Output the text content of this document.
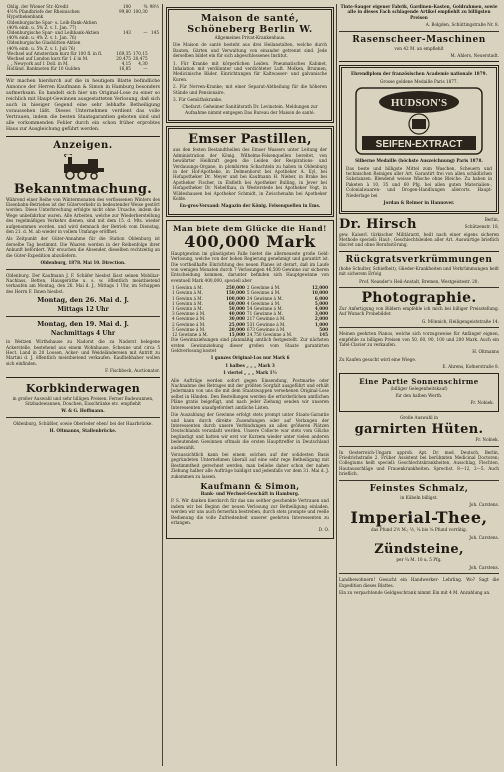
Oblig. der Wiener Str.-Kredit	100	%	98½
4½% Pfandbriefe der Rheinischen Hypothekenbank	99,80	100,30	
Oldenburgische Spar- u. Leih-Bank-Aktien			
(40% einb. u. 5% Z. v. 1. Jan. 77)			
Oldenburgische Spar- und Leihbank-Aktien	143	—	145
(40% einb. u. 4% Z. v. 1. Jan. 76)			
Oldenburgische Glashütten-Aktien			
(40% einb. u. 5% Z. v. 1. Juli 76)			
Wechsel auf Amsterdam kurz für 100 fl. in fl.	169,35	170,15	
Wechsel auf London kurz für 1 £ in M.	20,475	20,475	
„ „ Newyork auf 1 Doll. in M.	4,15	4,30	
Holländ. Banknoten für 10 Gulden	16,85	—	

Wir machen hierdurch auf die in heutigem Blatte befindliche Annonce der Herren Kaufmann & Simon in Hamburg besonders aufmerksam. Es handelt sich hier um Original-Lose zu einer so reichlich mit Haupt-Gewinnen ausgestatteten Verlosung, daß sich auch in hiesiger Gegend eine sehr lebhafte Betheiligung voraussehen läßt. Dieses Unternehmen verdient das volle Vertrauen, indem die besten Staatsgarantien geboten sind und alle vorkommenden Fehler durch ein schon früher erprobtes Haus zur Ausgleichung geführt werden.

Anzeigen.
Bekanntmachung.

Während einer Reihe von Wintermonaten des verflossenen Winters des Eisenbahn-Betriebes ist der Güterverkehr in bedeutender Weise gestört worden. Diese Unterbrechung erfolgte nicht ohne Ursache, indem die Wege unbefahrbar waren. Alle Arbeiten, welche zur Wiederherstellung des regelmäßigen Verkehrs dienen, sind mit dem 15. d. Mts. wieder aufgenommen worden, und wird demnach der Betrieb vom Dienstag, den 21. d. M. ab wieder in vollem Umfange eröffnet.

Als Zeitpunkt der Güter-Annahme für die Station Oldenburg ist derselbe Tag bestimmt. Die Waaren werden in der Reihenfolge ihrer Ankunft befördert. Wir ersuchen die Absender, dieselben rechtzeitig an die Güter-Expedition abzuliefern.

Oldenburg, 1878. Mai 10. Direction.

Oldenburg. Der Kaufmann J. F. Schäfer hiesbst lässt seinen Mobiliar-Nachlass, Betten, Hausgeräthe u. s. w. öffentlich meistbietend verkaufen am Montag, den 26. Mai d. J., Mittags 1 Uhr, im Schuppen des Herrn F. Ihnen hiesbst.

Montag, den 26. Mai d. J.

Mittags 12 Uhr

Montag, den 19. Mai d. J.

Nachmittags 4 Uhr

in Weitzen Wirthshause zu Nadorst die zu Nadorst belegene Ackerstelle, bestehend aus einem Wohnhause, Scheune und circa 5 Hect. Land in 20 Loosen, Acker- und Weideländereien mit Antritt zu Martini d. J. öffentlich meistbietend verkaufen. Kaufliebhaber wollen sich einfinden.

F. Fischbeck, Auctionator.

Korbkinderwagen

in großer Auswahl und sehr billigen Preisen. Ferner Badewannen, Sitzbadewannen, Douchen, Eisschränke etc. empfiehlt

W. & G. Hoffmann.

Oldenburg, Schüßler, sowie Oberleder eben! bei der Haarbrücke.

H. Oltmanns, Stallenbrücke.

Maison de santé,
Schöneberg Berlin W.

Allgemeines Privat-Krankenhaus.

Die Maison de santé besteht aus drei Heilanstalten, welche durch Bauten, Gärten und Verwaltung von einander getrennt sind. Jede derselben bildet ein für sich abgeschlossenes Institut.

1. Für Kranke mit körperlichen Leiden. Pneumatisches Kabinet, Inhalation mit verdünnter und verdichteter Luft. Molken, Brunnen, Medicinische Bäder. Einrichtungen für Kaltwasser- und galvanische Kuren.

2. Für Nerven-Kranke; mit einer Separat-Abtheilung für die höheren Stände und Pensionaire.

3. Für Gemüthskranke.

Chefarzt: Geheimer Sanitätsrath Dr. Levinstein. Meldungen zur Aufnahme nimmt entgegen Das Bureau der Maison de santé.

Emser Pastillen,

aus den festen Bestandtheilen des Emser Wassers unter Leitung der Administration der König. Wilhelms-Felsenquellen bereitet, von bewährter Heilkraft gegen die Leiden der Respirations- und Verdauungs-Organe, in plombirten Schachteln zu haben in Oldenburg in der Hof-Apotheke, in Delmenhorst bei Apotheker A. Eyl, bei Hofapotheker Dr. Meyer und bei Kaufmann H. Nieber, in Brake bei Apotheker Fischer, in Elsfleth bei Apotheker Bulling, in Jever bei Hofapotheker Dr. Nebelthau, in Westerstede bei Apotheker Vogt, in Wildeshausen bei Apotheker Schmidt, in Zwischenahn bei Apotheker Kolde.

En-gros-Versand: Magazin der König. Felsenquellen in Ems.

Man biete dem Glücke die Hand!
400,000 Mark

Hauptgewinn im günstigsten Falle bietet die allerneueste große Geld-Verlosung, welche von der hohen Regierung genehmigt und garantirt ist. Die vortheilhafte Einrichtung des neuen Planes ist derart, daß im Laufe von wenigen Monaten durch 7 Verlosungen 46,500 Gewinne zur sicheren Entscheidung kommen, darunter befinden sich Hauptgewinne von eventuell Mark 400,000, speciell aber

1 Gewinn á M.	250,000	2 Gewinne á M.	12,000
1 Gewinn á M.	150,000	5 Gewinne á M.	10,000
1 Gewinn á M.	100,000	24 Gewinne á M.	6,000
1 Gewinn á M.	60,000	4 Gewinne á M.	5,000
1 Gewinn á M.	50,000	54 Gewinne á M.	4,000
3 Gewinne á M.	40,000	71 Gewinne á M.	3,000
4 Gewinne á M.	30,000	217 Gewinne á M.	2,000
2 Gewinne á M.	25,000	531 Gewinne á M.	1,000
5 Gewinne á M.	20,000	673 Gewinne á M.	500
12 Gewinne á M.	15,000	24,750 Gewinne á M.	145

Die Gewinnziehungen sind planmäßig amtlich festgestellt. Zur nächsten ersten Gewinnziehung dieser großen vom Staate garantirten Geldverlosung kostet

1 ganzes Original-Los nur Mark 6

1 halbes „ „ „ Mark 3

1 viertel „ „ „ Mark 1½

Alle Aufträge werden sofort gegen Einsendung, Postmarke oder Nachnahme des Betrages mit der größten Sorgfalt ausgeführt und erhält Jedermann von uns die mit dem Staatswappen versehenen Original-Lose selbst in Händen. Den Bestellungen werden die erforderlichen amtlichen Pläne gratis beigefügt, und nach jeder Ziehung senden wir unseren Interessenten unaufgefordert amtliche Listen.

Die Auszahlung der Gewinne erfolgt stets prompt unter Staats-Garantie und kann durch direkte Zusendungen oder auf Verlangen der Interessenten durch unsere Verbindungen an allen größeren Plätzen Deutschlands veranlaßt werden. Unsere Collecte war stets vom Glücke begünstigt und hatten wir erst vor Kurzem wieder unter vielen anderen bedeutenden Gewinnen oftmals die ersten Haupttreffer in Deutschland ausbezahlt.

Voraussichtlich kann bei einem solchen auf der solidesten Basis gegründeten Unternehmen überall auf eine sehr rege Betheiligung mit Bestimmtheit gerechnet werden, man beliebe daher schon der nahen Ziehung halber alle Aufträge baldigst und jedenfalls vor dem 31. Mai d. J. zukommen zu lassen.

Kaufmann & Simon,

Bank- und Wechsel-Geschäft in Hamburg.

P. S. Wir danken hierdurch für das uns seither geschenkte Vertrauen und indem wir bei Beginn der neuen Verlosung zur Betheiligung einladen, werden wir uns auch fernerhin bestreben, durch stets prompte und reelle Bedienung die volle Zufriedenheit unserer geehrten Interessenten zu erlangen.

D. O.

Tinte-Sauger eigener Fabrik, Gardinen-Kasten, Goldrahmen, sowie alle in dieses Fach schlagende Artikel empfiehlt zu billigsten Preisen

A. Bolgden, Schüttingstraße Nr. 8.

Rasenscheer-Maschinen

von 42 M. an empfiehlt

M. Ahlers, Neuerstadt.

Ehrendiplom der französischen Academie nationale 1879.

Grosse goldene Medaille Paris 1877.

HUDSON'S
SEIFEN-EXTRACT

Silberne Medaille (höchste Auszeichnung) Paris 1878.

Das beste und billigste Mittel zum Waschen, Scheuern und technischen Reinigen aller Art. Garantirt frei von allen schädlichen Substanzen. Blendend weisse Wäsche ohne Bleiche. Zu haben in Paketen à 10, 35 und 60 Pfg. bei allen guten Materialien-, Colonialwaaren- und Drogen-Handlungen allerorts. Haupt-Niederlage bei

Jordan & Reimer in Hannover.

Dr. Hirsch	Berlin,

Schützenstr. 18,

gew. Kaiserl. türkischer Militärarzt, heilt nach einer eigens sicheren Methode speciell: Haut-, Geschlechtsleiden aller Art. Auswärtige brieflich discret und ohne Berufsstörung.

Rückgratsverkrümmungen

(hohe Schulter, Schiefheit), Glieder-Krankheiten und Verkrümmungen heilt mit sicherem Erfolg

Prof. Neander's Heil-Anstalt, Bremen, Westgeistestr. 20.

Photographie.

Zur Anfertigung von Bildern empfehle ich mich bei billiger Preisstellung. Auf Wunsch Probebilder.

G. Mönnich, Heiligengeiststraße 14.

Meinen geehrten Pianos, welche sich vorzugsweise für Anfänger eignen, empfehle zu billigen Preisen von 50, 60, 90, 100 und 200 Mark. Auch ein Tafel-Clavier zu verkaufen.

H. Oltmanns

Zu Kaufen gesucht wird eine Wiege.

E. Ahrens, Kofnerstraße 8.

Eine Partie Sonnenschirme

(billiger Gelegenheitskauf)

für den halben Werth.

Fr. Nobiek.

Große Auswahl in

garnirten Hüten.

Fr. Nobiek.

In Oesterreich-Ungarn approb. Apt. Dr. med. Deutsch, Berlin, Friedrichstraße 2. Früher Assistent bei berühmten Medicinal Doctoren; Collegiums heilt speciell: Geschlechtskrankheiten, Ausschlag, Flechten, Hautausschläge und Frauenkrankheiten. Sprechst. 8—12, 2—5. Auch brieflich.

Feinstes Schmalz,

in Kübeln billigst.

Joh. Carstens.

Imperial-Thee,

das Pfund 2½ M.; ½, ¼ bis ⅛ Pfund vorrätig.

Joh. Carstens.

Zündsteine,

per ¼ M. 10 u. 5 Pfg.

Joh. Carstens.

Landbewohnern! Gesucht ein Handwerker- Lehrling. Wo? Sagt die Expedition dieses Blattes.

Ein zu verpachtende Geldgeschrank nimmt Ein mit 4 M. Anzahlung an.
